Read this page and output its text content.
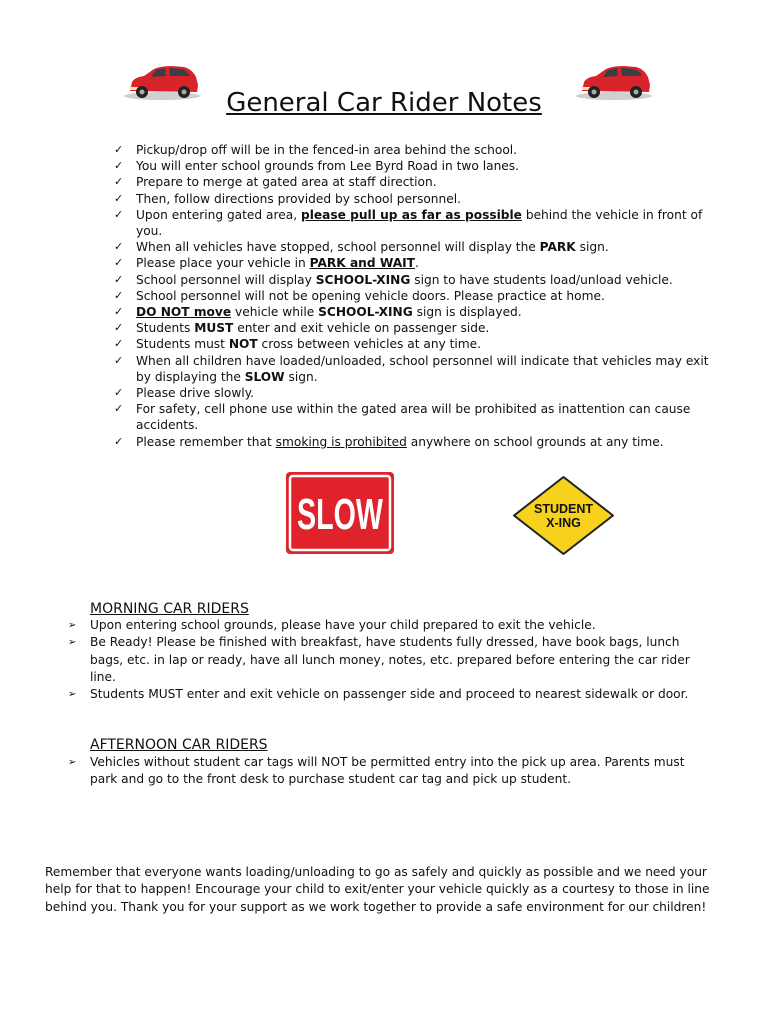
General Car Rider Notes
✓ Pickup/drop off will be in the fenced-in area behind the school.
✓ You will enter school grounds from Lee Byrd Road in two lanes.
✓ Prepare to merge at gated area at staff direction.
✓ Then, follow directions provided by school personnel.
✓ Upon entering gated area, please pull up as far as possible behind the vehicle in front of you.
✓ When all vehicles have stopped, school personnel will display the PARK sign.
✓ Please place your vehicle in PARK and WAIT.
✓ School personnel will display SCHOOL-XING sign to have students load/unload vehicle.
✓ School personnel will not be opening vehicle doors. Please practice at home.
✓ DO NOT move vehicle while SCHOOL-XING sign is displayed.
✓ Students MUST enter and exit vehicle on passenger side.
✓ Students must NOT cross between vehicles at any time.
✓ When all children have loaded/unloaded, school personnel will indicate that vehicles may exit by displaying the SLOW sign.
✓ Please drive slowly.
✓ For safety, cell phone use within the gated area will be prohibited as inattention can cause accidents.
✓ Please remember that smoking is prohibited anywhere on school grounds at any time.
SLOW	STUDENT
X-ING
MORNING CAR RIDERS
➢ Upon entering school grounds, please have your child prepared to exit the vehicle.
➢ Be Ready! Please be finished with breakfast, have students fully dressed, have book bags, lunch bags, etc. in lap or ready, have all lunch money, notes, etc. prepared before entering the car rider line.
➢ Students MUST enter and exit vehicle on passenger side and proceed to nearest sidewalk or door.
AFTERNOON CAR RIDERS
➢ Vehicles without student car tags will NOT be permitted entry into the pick up area. Parents must park and go to the front desk to purchase student car tag and pick up student.
Remember that everyone wants loading/unloading to go as safely and quickly as possible and we need your help for that to happen! Encourage your child to exit/enter your vehicle quickly as a courtesy to those in line behind you. Thank you for your support as we work together to provide a safe environment for our children!
